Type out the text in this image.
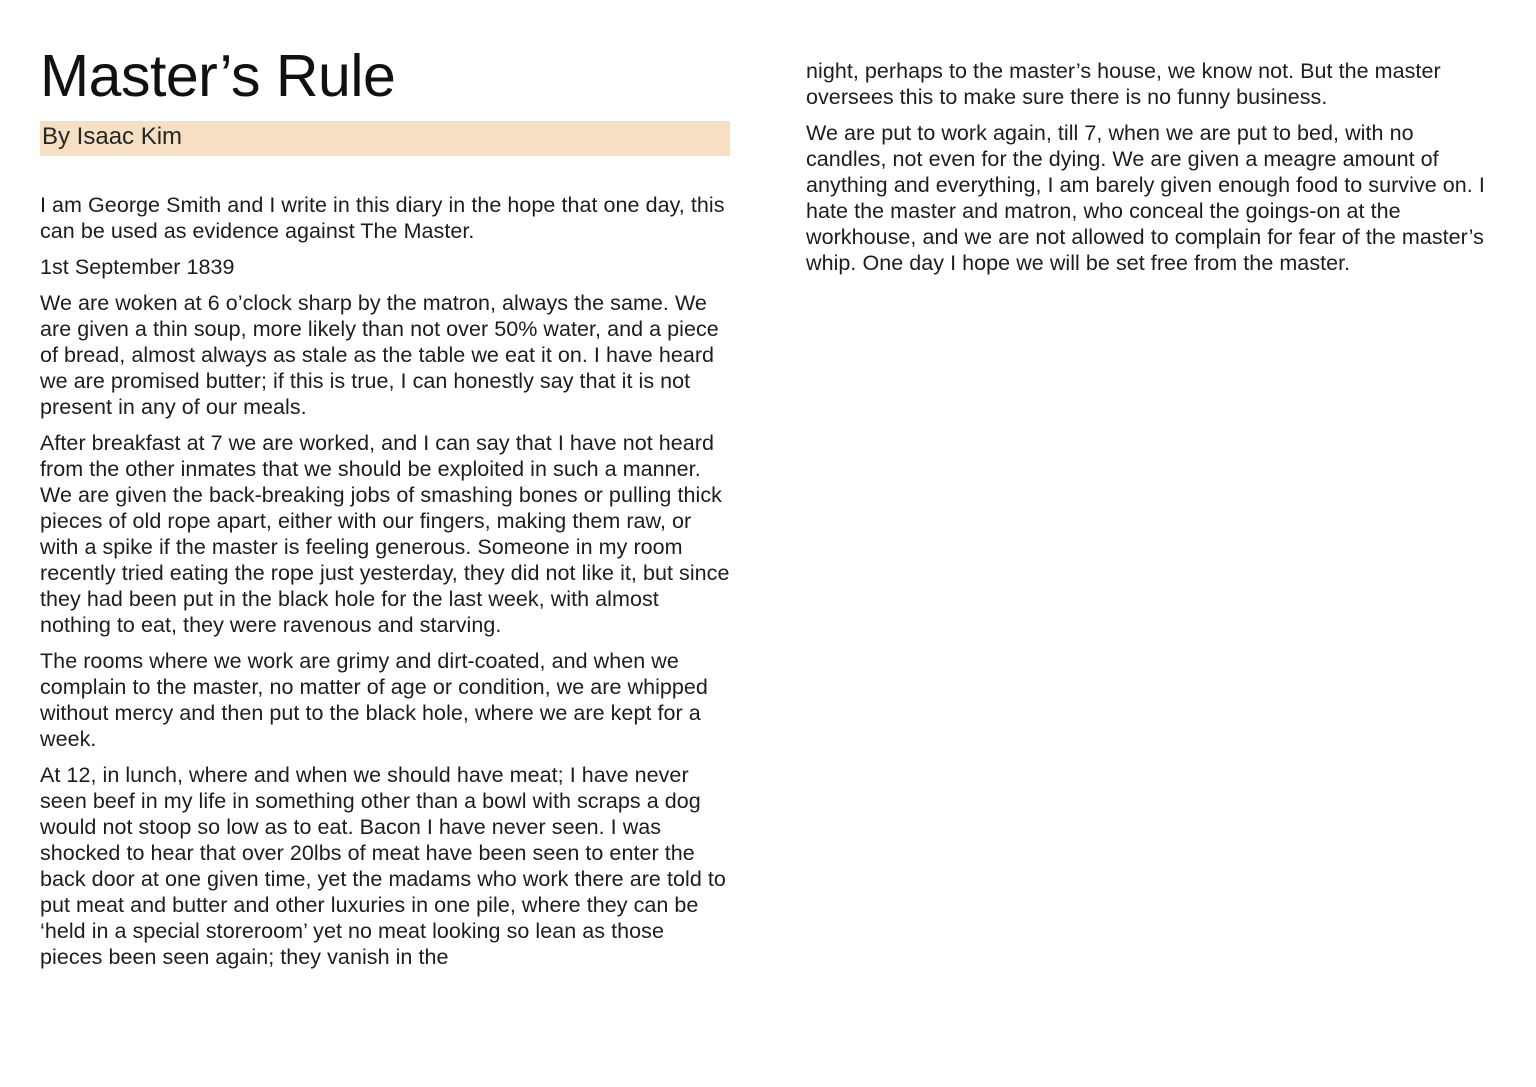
Master’s Rule

By Isaac Kim

I am George Smith and I write in this diary in the hope that one day, this can be used as evidence against The Master.

1st September 1839

We are woken at 6 o’clock sharp by the matron, always the same. We are given a thin soup, more likely than not over 50% water, and a piece of bread, almost always as stale as the table we eat it on. I have heard we are promised butter; if this is true, I can honestly say that it is not present in any of our meals.

After breakfast at 7 we are worked, and I can say that I have not heard from the other inmates that we should be exploited in such a manner. We are given the back-breaking jobs of smashing bones or pulling thick pieces of old rope apart, either with our fingers, making them raw, or with a spike if the master is feeling generous. Someone in my room recently tried eating the rope just yesterday, they did not like it, but since they had been put in the black hole for the last week, with almost nothing to eat, they were ravenous and starving.

The rooms where we work are grimy and dirt-coated, and when we complain to the master, no matter of age or condition, we are whipped without mercy and then put to the black hole, where we are kept for a week.

At 12, in lunch, where and when we should have meat; I have never seen beef in my life in something other than a bowl with scraps a dog would not stoop so low as to eat. Bacon I have never seen. I was shocked to hear that over 20lbs of meat have been seen to enter the back door at one given time, yet the madams who work there are told to put meat and butter and other luxuries in one pile, where they can be ‘held in a special storeroom’ yet no meat looking so lean as those pieces been seen again; they vanish in the

night, perhaps to the master’s house, we know not. But the master oversees this to make sure there is no funny business.

We are put to work again, till 7, when we are put to bed, with no candles, not even for the dying. We are given a meagre amount of anything and everything, I am barely given enough food to survive on. I hate the master and matron, who conceal the goings-on at the workhouse, and we are not allowed to complain for fear of the master’s whip. One day I hope we will be set free from the master.
